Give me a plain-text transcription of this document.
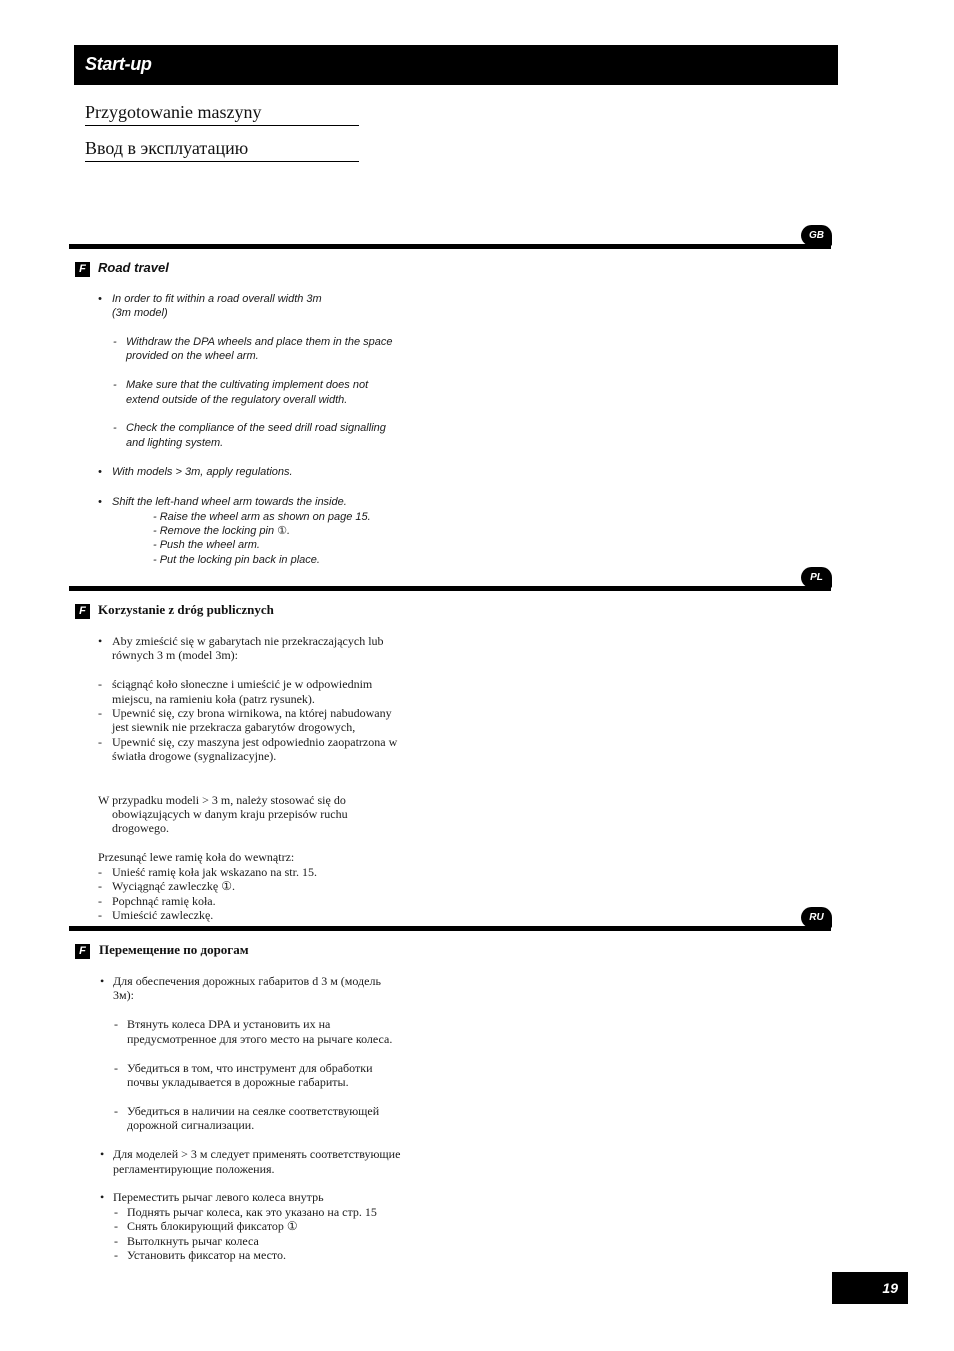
Start-up
Przygotowanie maszyny
Ввод в эксплуатацию
GB
F Road travel
• In order to fit within a road overall width 3m
(3m model)
- Withdraw the DPA wheels and place them in the space
provided on the wheel arm.
- Make sure that the cultivating implement does not
extend outside of the regulatory overall width.
- Check the compliance of the seed drill road signalling
and lighting system.
• With models > 3m, apply regulations.
• Shift the left-hand wheel arm towards the inside.
- Raise the wheel arm as shown on page 15.
- Remove the locking pin ①.
- Push the wheel arm.
- Put the locking pin back in place.
PL
F Korzystanie z dróg publicznych
• Aby zmieścić się w gabarytach nie przekraczających lub
równych 3 m (model 3m):
- ściągnąć koło słoneczne i umieścić je w odpowiednim
miejscu, na ramieniu koła (patrz rysunek).
- Upewnić się, czy brona wirnikowa, na której nabudowany
jest siewnik nie przekracza gabarytów drogowych,
- Upewnić się, czy maszyna jest odpowiednio zaopatrzona w
światła drogowe (sygnalizacyjne).
W przypadku modeli > 3 m, należy stosować się do
obowiązujących w danym kraju przepisów ruchu
drogowego.
Przesunąć lewe ramię koła do wewnątrz:
- Unieść ramię koła jak wskazano na str. 15.
- Wyciągnąć zawleczkę ①.
- Popchnąć ramię koła.
- Umieścić zawleczkę.	RU
F	Перемещение по дорогам
• Для обеспечения дорожных габаритов d 3 м (модель
3м):
- Втянуть колеса DPA и установить их на
предусмотренное для этого место на рычаге колеса.
- Убедиться в том, что инструмент для обработки
почвы укладывается в дорожные габариты.
- Убедиться в наличии на сеялке соответствующей
дорожной сигнализации.
• Для моделей > 3 м следует применять соответствующие
регламентирующие положения.
• Переместить рычаг левого колеса внутрь
- Поднять рычаг колеса, как это указано на стр. 15
- Снять блокирующий фиксатор ①
- Вытолкнуть рычаг колеса
- Установить фиксатор на место.
19
